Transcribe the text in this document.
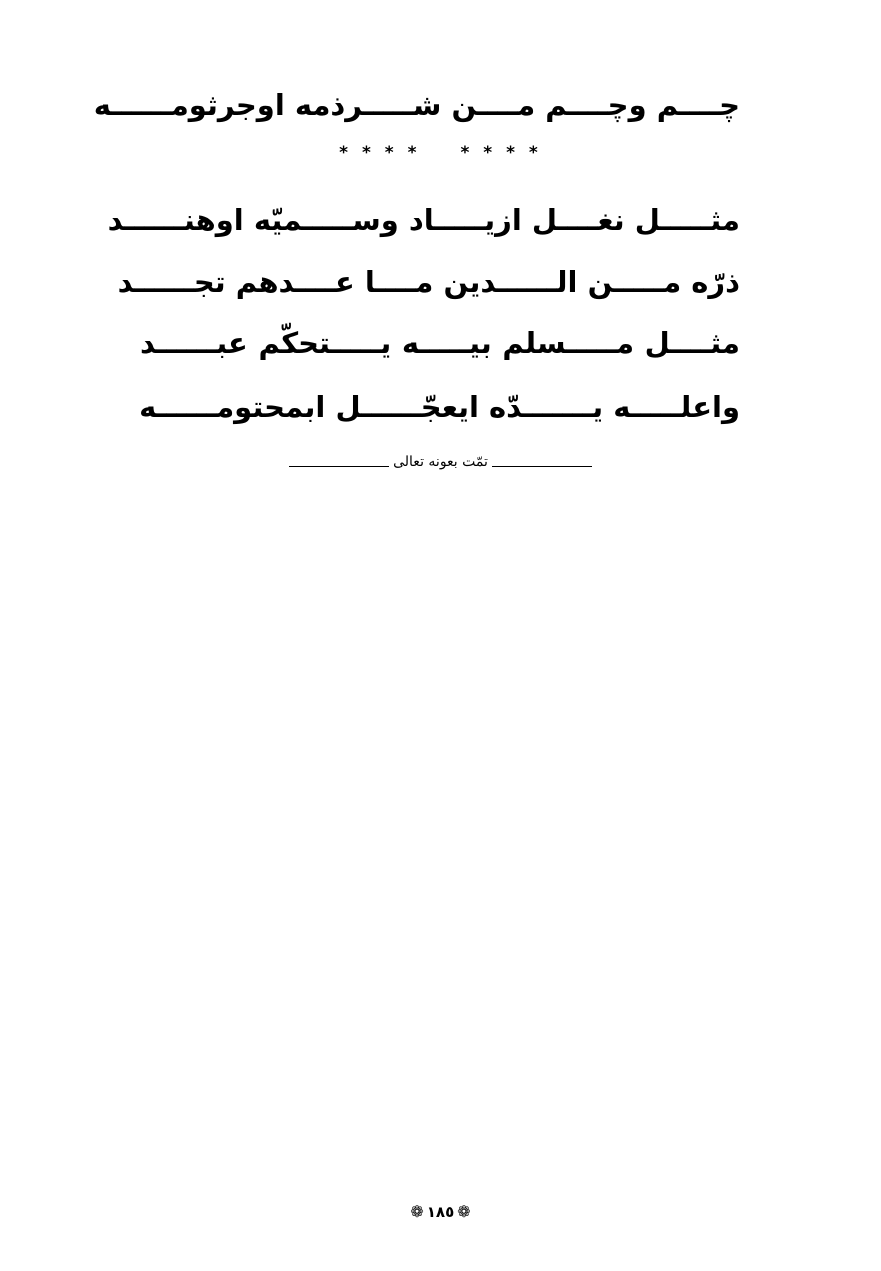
چــــم وچــــم مــــن شـــــرذمه اوجرثومــــــه
* * * * * * * *
مثـــــل نغــــل ازيـــــاد وســـــميّه اوهنــــــد
ذرّه مـــــن الــــــدين مــــا عــــدهم تجــــــد
مثــــل مـــــسلم بيـــــه يـــــتحكّم عبــــــد
واعلـــــه يـــــــدّه ايعجّــــــل ابمحتومــــــه
تمّت بعونه تعالى
❁ ١٨٥ ❁
